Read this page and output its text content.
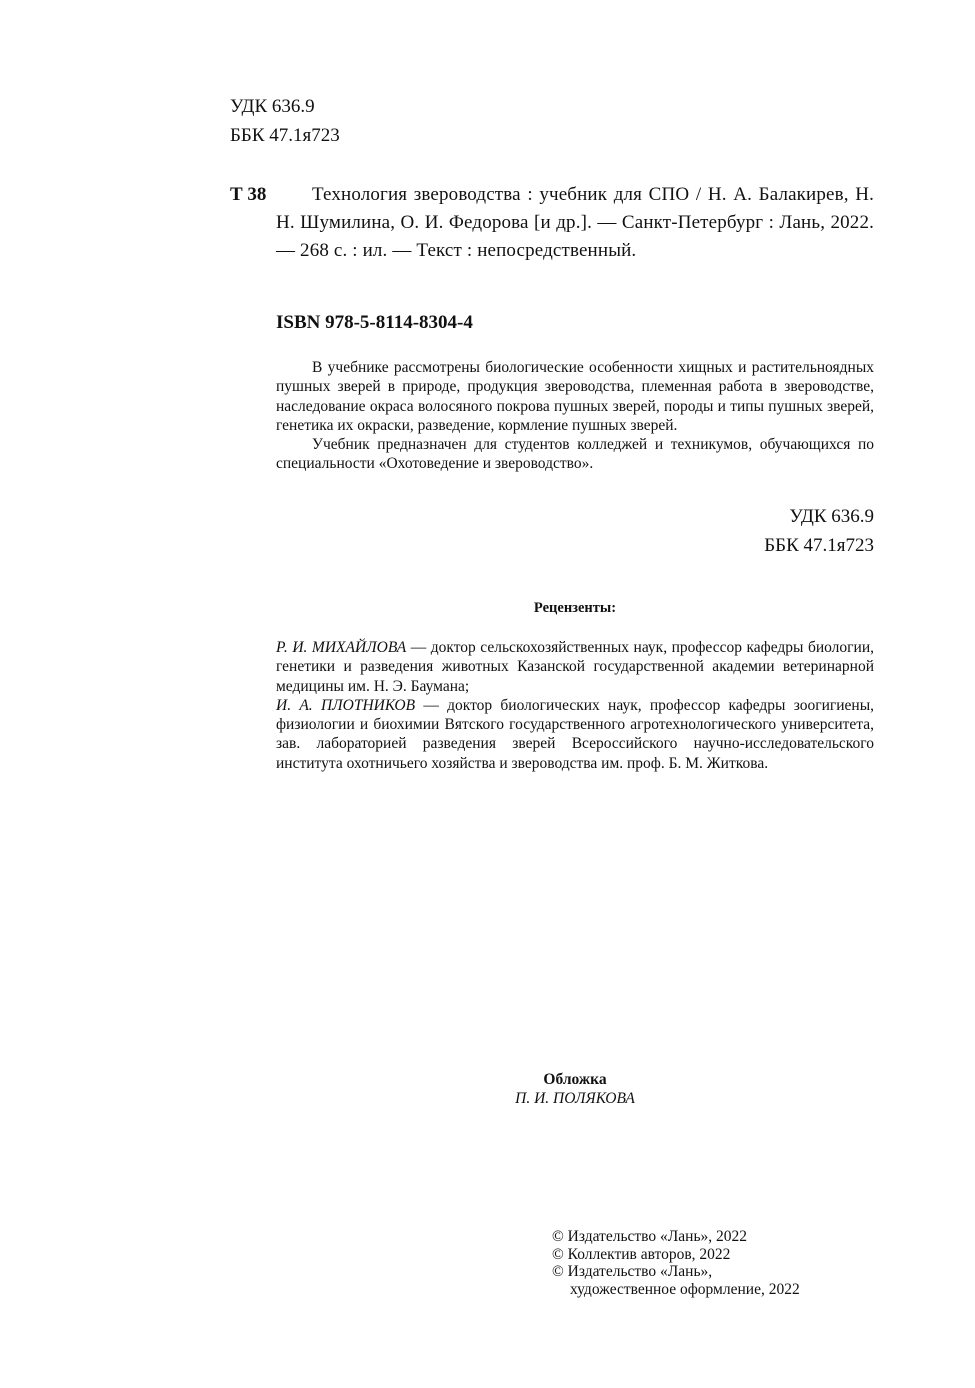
УДК 636.9
ББК 47.1я723
Т 38	Технология звероводства : учебник для СПО / Н. А. Балакирев, Н. Н. Шумилина, О. И. Федорова [и др.]. — Санкт-Петербург : Лань, 2022. — 268 с. : ил. — Текст : непосредственный.
ISBN 978-5-8114-8304-4

В учебнике рассмотрены биологические особенности хищных и растительноядных пушных зверей в природе, продукция звероводства, племенная работа в звероводстве, наследование окраса волосяного покрова пушных зверей, породы и типы пушных зверей, генетика их окраски, разведение, кормление пушных зверей.

Учебник предназначен для студентов колледжей и техникумов, обучающихся по специальности «Охотоведение и звероводство».

УДК 636.9
ББК 47.1я723
Рецензенты:

Р. И. МИХАЙЛОВА — доктор сельскохозяйственных наук, профессор кафедры биологии, генетики и разведения животных Казанской государственной академии ветеринарной медицины им. Н. Э. Баумана;

И. А. ПЛОТНИКОВ — доктор биологических наук, профессор кафедры зоогигиены, физиологии и биохимии Вятского государственного агротехнологического университета, зав. лабораторией разведения зверей Всероссийского научно-исследовательского института охотничьего хозяйства и звероводства им. проф. Б. М. Житкова.

Обложка
П. И. ПОЛЯКОВА
© Издательство «Лань», 2022
© Коллектив авторов, 2022
© Издательство «Лань»,
художественное оформление, 2022
